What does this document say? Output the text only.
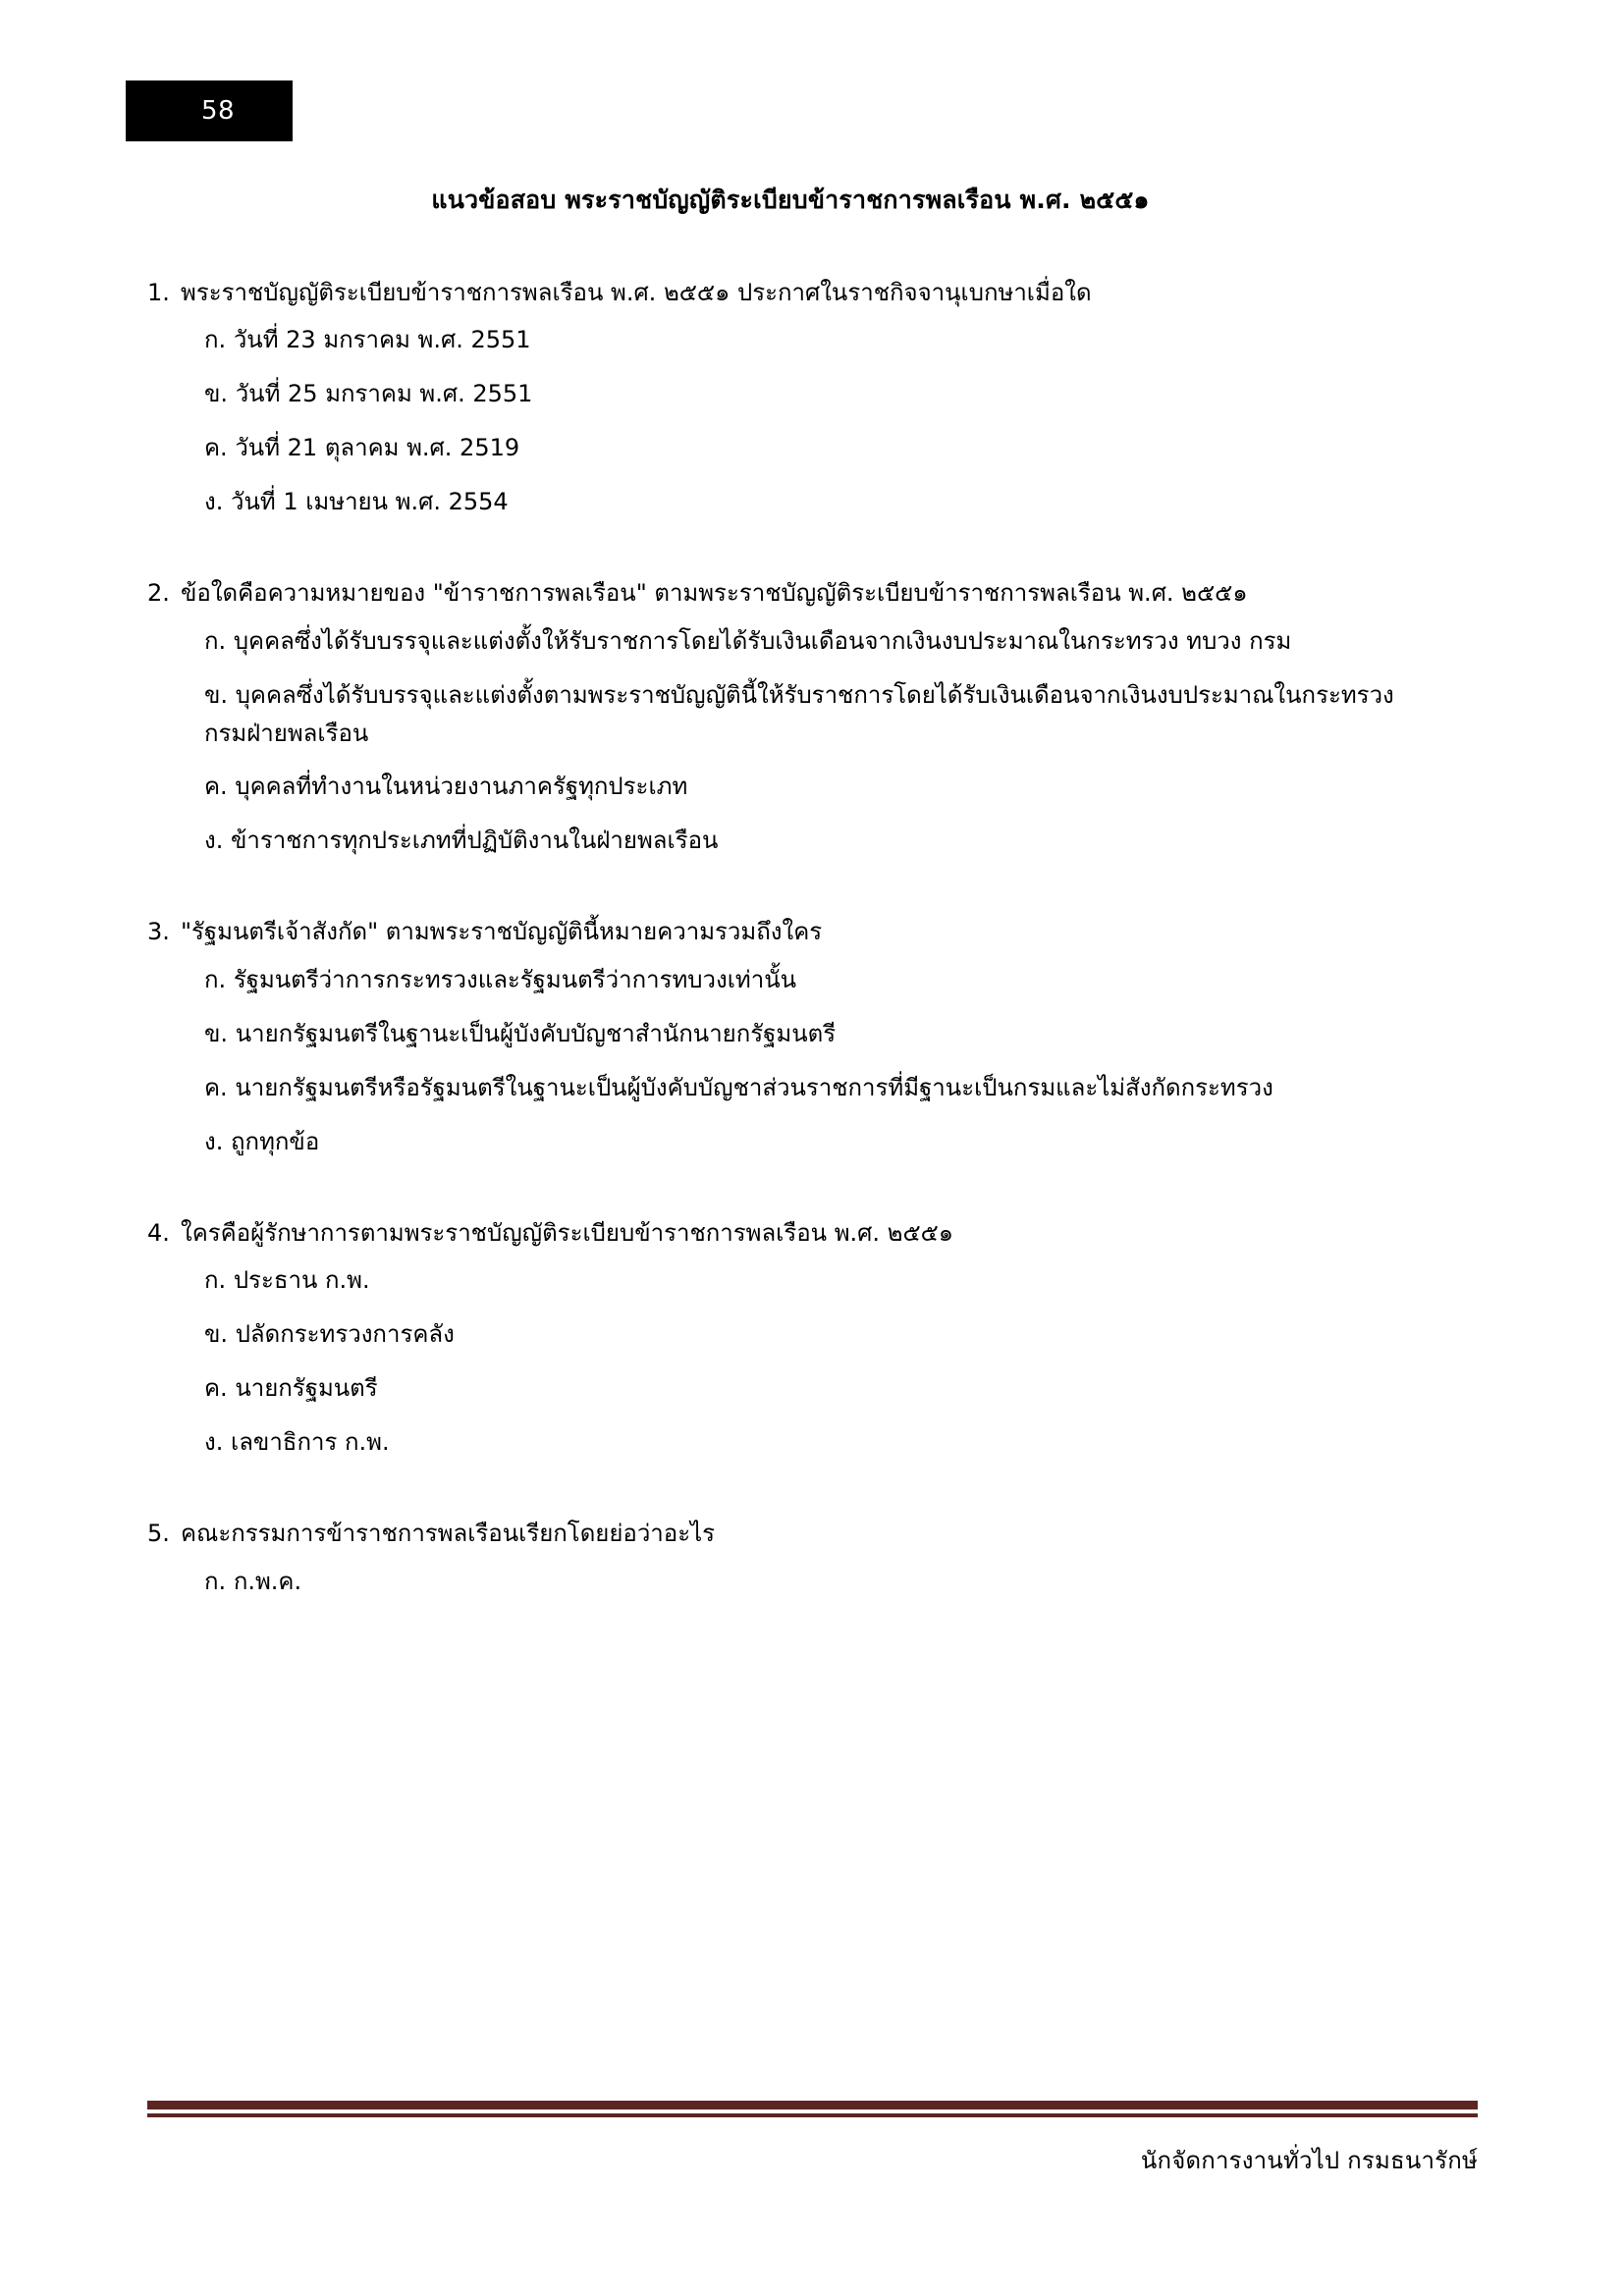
58
แนวข้อสอบ พระราชบัญญัติระเบียบข้าราชการพลเรือน พ.ศ. ๒๕๕๑
1. พระราชบัญญัติระเบียบข้าราชการพลเรือน พ.ศ. ๒๕๕๑ ประกาศในราชกิจจานุเบกษาเมื่อใด
ก. วันที่ 23 มกราคม พ.ศ. 2551
ข. วันที่ 25 มกราคม พ.ศ. 2551
ค. วันที่ 21 ตุลาคม พ.ศ. 2519
ง. วันที่ 1 เมษายน พ.ศ. 2554
2. ข้อใดคือความหมายของ "ข้าราชการพลเรือน" ตามพระราชบัญญัติระเบียบข้าราชการพลเรือน พ.ศ. ๒๕๕๑
ก. บุคคลซึ่งได้รับบรรจุและแต่งตั้งให้รับราชการโดยได้รับเงินเดือนจากเงินงบประมาณในกระทรวง ทบวง กรม
ข. บุคคลซึ่งได้รับบรรจุและแต่งตั้งตามพระราชบัญญัตินี้ให้รับราชการโดยได้รับเงินเดือนจากเงินงบประมาณในกระทรวง กรมฝ่ายพลเรือน
ค. บุคคลที่ทำงานในหน่วยงานภาครัฐทุกประเภท
ง. ข้าราชการทุกประเภทที่ปฏิบัติงานในฝ่ายพลเรือน
3. "รัฐมนตรีเจ้าสังกัด" ตามพระราชบัญญัตินี้หมายความรวมถึงใคร
ก. รัฐมนตรีว่าการกระทรวงและรัฐมนตรีว่าการทบวงเท่านั้น
ข. นายกรัฐมนตรีในฐานะเป็นผู้บังคับบัญชาสำนักนายกรัฐมนตรี
ค. นายกรัฐมนตรีหรือรัฐมนตรีในฐานะเป็นผู้บังคับบัญชาส่วนราชการที่มีฐานะเป็นกรมและไม่สังกัดกระทรวง
ง. ถูกทุกข้อ
4. ใครคือผู้รักษาการตามพระราชบัญญัติระเบียบข้าราชการพลเรือน พ.ศ. ๒๕๕๑
ก. ประธาน ก.พ.
ข. ปลัดกระทรวงการคลัง
ค. นายกรัฐมนตรี
ง. เลขาธิการ ก.พ.
5. คณะกรรมการข้าราชการพลเรือนเรียกโดยย่อว่าอะไร
ก. ก.พ.ค.
นักจัดการงานทั่วไป กรมธนารักษ์
